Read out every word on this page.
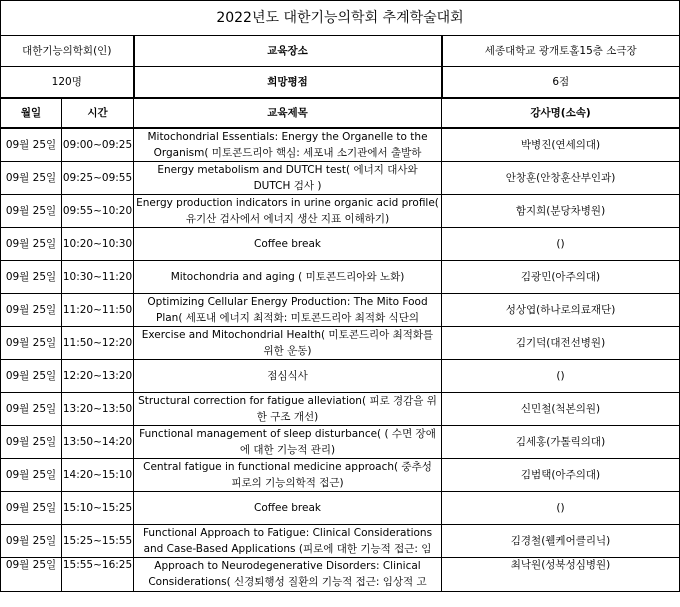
2022년도 대한기능의학회 추계학술대회			
대한기능의학회(인)		교육장소	세종대학교 광개토홀15층 소극장
120명		희망평점	6점
월일	시간	교육제목	강사명(소속)
09월 25일	09:00~09:25	Mitochondrial Essentials: Energy the Organelle to the
Organism( 미토콘드리아 핵심: 세포내 소기관에서 출발하	박병진(연세의대)
09월 25일	09:25~09:55	Energy metabolism and DUTCH test( 에너지 대사와
DUTCH 검사 )	안창훈(안창훈산부인과)
09월 25일	09:55~10:20	Energy production indicators in urine organic acid profile(
유기산 검사에서 에너지 생산 지표 이해하기)	함지희(분당차병원)
09월 25일	10:20~10:30	Coffee break	()
09월 25일	10:30~11:20	Mitochondria and aging ( 미토콘드리아와 노화)	김광민(아주의대)
09월 25일	11:20~11:50	Optimizing Cellular Energy Production: The Mito Food
Plan( 세포내 에너지 최적화: 미토콘드리아 최적화 식단의	성상엽(하나로의료재단)
09월 25일	11:50~12:20	Exercise and Mitochondrial Health( 미토콘드리아 최적화를
위한 운동)	김기덕(대전선병원)
09월 25일	12:20~13:20	점심식사	()
09월 25일	13:20~13:50	Structural correction for fatigue alleviation( 피로 경감을 위
한 구조 개선)	신민철(척본의원)
09월 25일	13:50~14:20	Functional management of sleep disturbance( ( 수면 장애
에 대한 기능적 관리)	김세홍(가톨릭의대)
09월 25일	14:20~15:10	Central fatigue in functional medicine approach( 중추성
피로의 기능의학적 접근)	김범택(아주의대)
09월 25일	15:10~15:25	Coffee break	()
09월 25일	15:25~15:55	Functional Approach to Fatigue: Clinical Considerations
and Case-Based Applications (피로에 대한 기능적 접근: 임	김경철(웰케어클리닉)
09월 25일	15:55~16:25	Approach to Neurodegenerative Disorders: Clinical
Considerations( 신경퇴행성 질환의 기능적 접근: 임상적 고	최낙원(성북성심병원)
